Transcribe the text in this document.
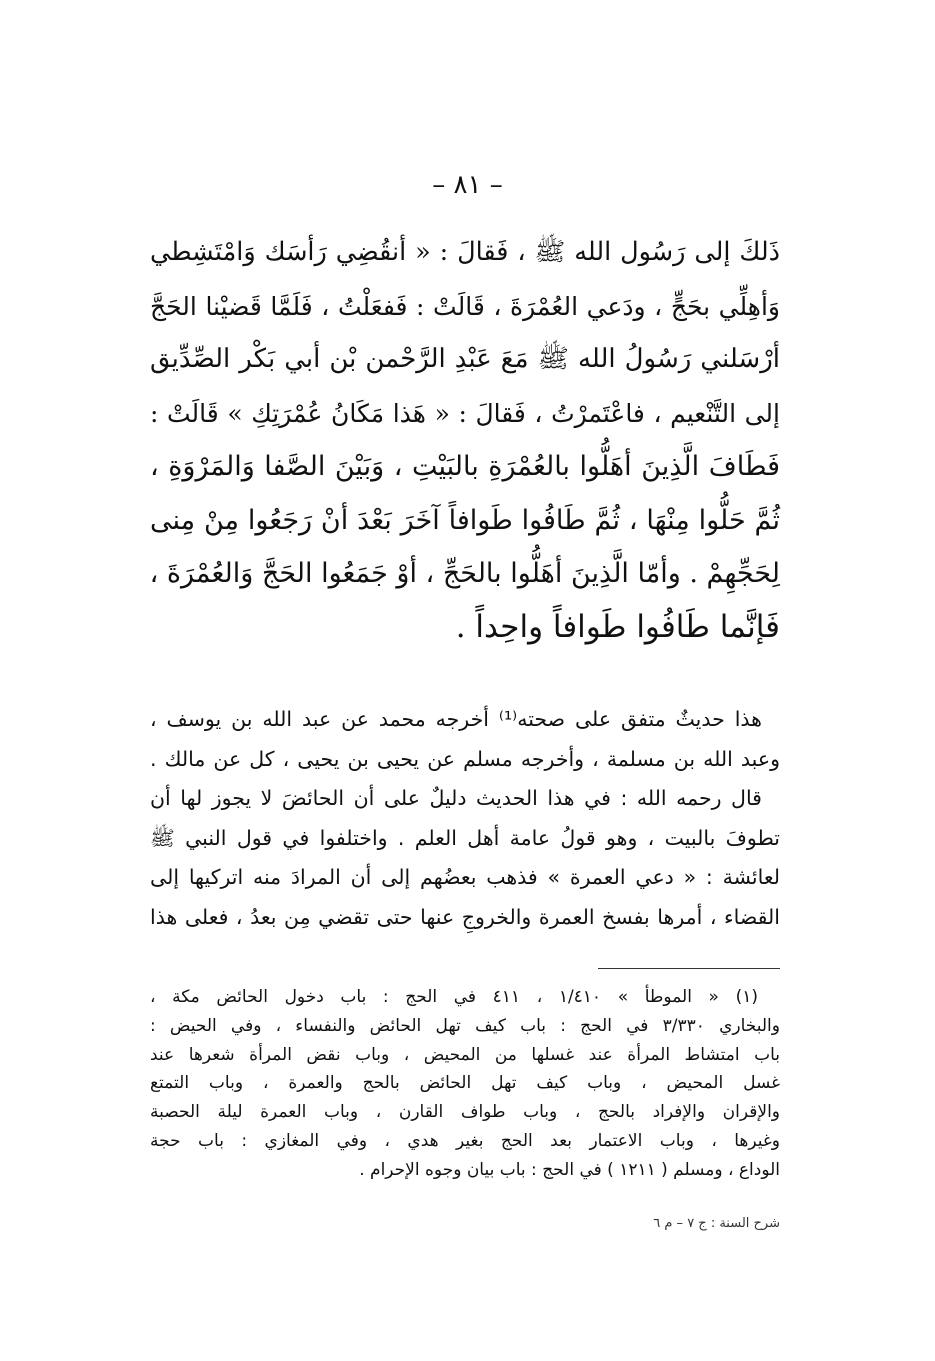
– ٨١ –
ذَلكَ إلى رَسُول الله ﷺ ، فَقالَ : « أنقُضِي رَأسَك وَامْتَشِطي
وَأهِلِّي بحَجٍّ ، ودَعي العُمْرَةَ ، قَالَتْ : فَفعَلْتُ ، فَلَمَّا قَضيْنا الحَجَّ
أرْسَلني رَسُولُ الله ﷺ مَعَ عَبْدِ الرَّحْمن بْن أبي بَكْر الصِّدِّيق
إلى التَّنْعيم ، فاعْتَمرْتُ ، فَقالَ : « هَذا مَكَانُ عُمْرَتِكِ » قَالَتْ :
فَطَافَ الَّذِينَ أهَلُّوا بالعُمْرَةِ بالبَيْتِ ، وَبَيْنَ الصَّفا وَالمَرْوَةِ ،
ثُمَّ حَلُّوا مِنْهَا ، ثُمَّ طَافُوا طَوافاً آخَرَ بَعْدَ أنْ رَجَعُوا مِنْ مِنى
لِحَجِّهِمْ . وأمّا الَّذِينَ أهَلُّوا بالحَجِّ ، أوْ جَمَعُوا الحَجَّ وَالعُمْرَةَ ،
فَإنَّما طَافُوا طَوافاً واحِداً .
هذا حديثٌ متفق على صحته⁽¹⁾ أخرجه محمد عن عبد الله بن يوسف ،
وعبد الله بن مسلمة ، وأخرجه مسلم عن يحيى بن يحيى ، كل عن مالك .
قال رحمه الله : في هذا الحديث دليلٌ على أن الحائضَ لا يجوز لها أن
تطوفَ بالبيت ، وهو قولُ عامة أهل العلم . واختلفوا في قول النبي ﷺ
لعائشة : « دعي العمرة » فذهب بعضُهم إلى أن المرادَ منه اتركيها إلى
القضاء ، أمرها بفسخ العمرة والخروجِ عنها حتى تقضي مِن بعدُ ، فعلى هذا
(١) « الموطأ » ١/٤١٠ ، ٤١١ في الحج : باب دخول الحائض مكة ،
والبخاري ٣/٣٣٠ في الحج : باب كيف تهل الحائض والنفساء ، وفي الحيض :
باب امتشاط المرأة عند غسلها من المحيض ، وباب نقض المرأة شعرها عند
غسل المحيض ، وباب كيف تهل الحائض بالحج والعمرة ، وباب التمتع
والإقران والإفراد بالحج ، وباب طواف القارن ، وباب العمرة ليلة الحصبة
وغيرها ، وباب الاعتمار بعد الحج بغير هدي ، وفي المغازي : باب حجة
الوداع ، ومسلم ( ١٢١١ ) في الحج : باب بيان وجوه الإحرام .
شرح السنة : ج ٧ – م ٦
